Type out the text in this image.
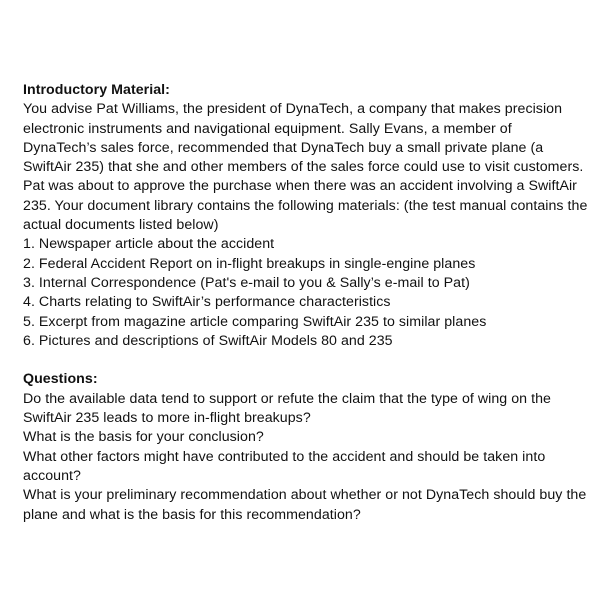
Introductory Material:

You advise Pat Williams, the president of DynaTech, a company that makes precision electronic instruments and navigational equipment. Sally Evans, a member of DynaTech’s sales force, recommended that DynaTech buy a small private plane (a SwiftAir 235) that she and other members of the sales force could use to visit customers. Pat was about to approve the purchase when there was an accident involving a SwiftAir 235. Your document library contains the following materials: (the test manual contains the actual documents listed below)

1. Newspaper article about the accident
2. Federal Accident Report on in-flight breakups in single-engine planes
3. Internal Correspondence (Pat's e-mail to you & Sally’s e-mail to Pat)
4. Charts relating to SwiftAir’s performance characteristics
5. Excerpt from magazine article comparing SwiftAir 235 to similar planes
6. Pictures and descriptions of SwiftAir Models 80 and 235

Questions:

Do the available data tend to support or refute the claim that the type of wing on the SwiftAir 235 leads to more in-flight breakups?

What is the basis for your conclusion?

What other factors might have contributed to the accident and should be taken into account?

What is your preliminary recommendation about whether or not DynaTech should buy the plane and what is the basis for this recommendation?
